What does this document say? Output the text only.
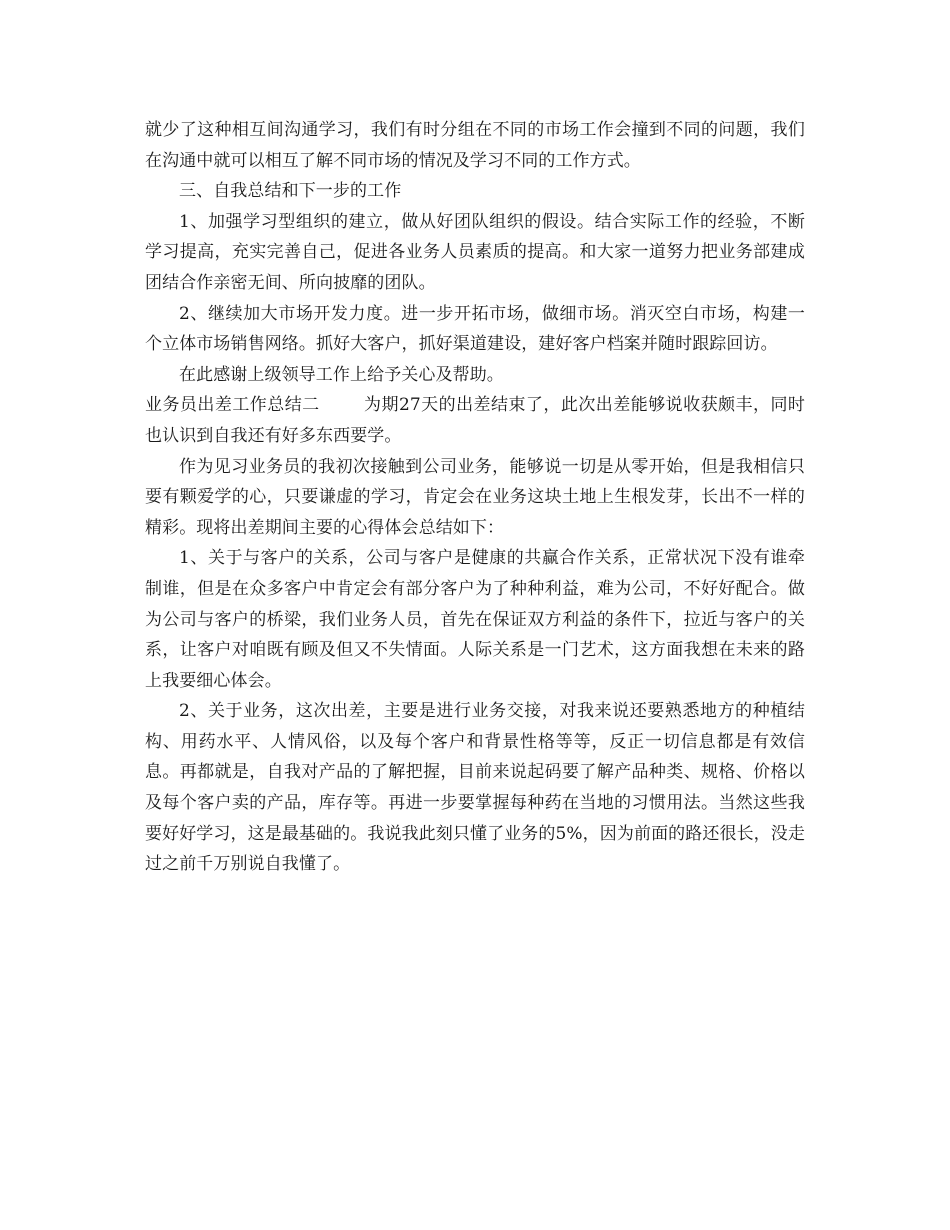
就少了这种相互间沟通学习，我们有时分组在不同的市场工作会撞到不同的问题，我们在沟通中就可以相互了解不同市场的情况及学习不同的工作方式。

三、自我总结和下一步的工作

1、加强学习型组织的建立，做从好团队组织的假设。结合实际工作的经验，不断学习提高，充实完善自己，促进各业务人员素质的提高。和大家一道努力把业务部建成团结合作亲密无间、所向披靡的团队。

2、继续加大市场开发力度。进一步开拓市场，做细市场。消灭空白市场，构建一个立体市场销售网络。抓好大客户，抓好渠道建设，建好客户档案并随时跟踪回访。

在此感谢上级领导工作上给予关心及帮助。

业务员出差工作总结二	为期27天的出差结束了，此次出差能够说收获颇丰，同时也认识到自我还有好多东西要学。

作为见习业务员的我初次接触到公司业务，能够说一切是从零开始，但是我相信只要有颗爱学的心，只要谦虚的学习，肯定会在业务这块土地上生根发芽，长出不一样的精彩。现将出差期间主要的心得体会总结如下：

1、关于与客户的关系，公司与客户是健康的共赢合作关系，正常状况下没有谁牵制谁，但是在众多客户中肯定会有部分客户为了种种利益，难为公司，不好好配合。做为公司与客户的桥梁，我们业务人员，首先在保证双方利益的条件下，拉近与客户的关系，让客户对咱既有顾及但又不失情面。人际关系是一门艺术，这方面我想在未来的路上我要细心体会。

2、关于业务，这次出差，主要是进行业务交接，对我来说还要熟悉地方的种植结构、用药水平、人情风俗，以及每个客户和背景性格等等，反正一切信息都是有效信息。再都就是，自我对产品的了解把握，目前来说起码要了解产品种类、规格、价格以及每个客户卖的产品，库存等。再进一步要掌握每种药在当地的习惯用法。当然这些我要好好学习，这是最基础的。我说我此刻只懂了业务的5%，因为前面的路还很长，没走过之前千万别说自我懂了。
